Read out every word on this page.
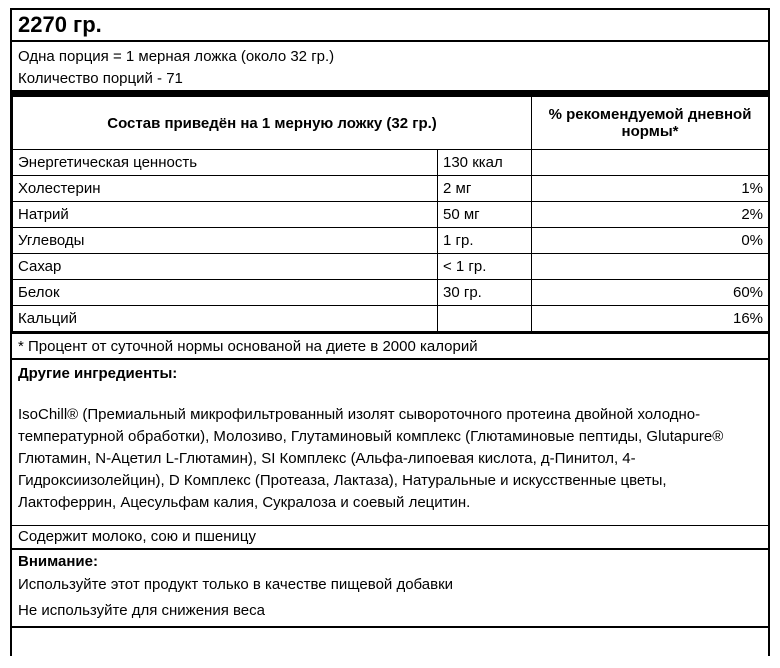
2270 гр.
Одна порция = 1 мерная ложка (около 32 гр.)
Количество порций - 71
Состав приведён на 1 мерную ложку (32 гр.)		% рекомендуемой дневной нормы*
Энергетическая ценность	130 ккал	
Холестерин	2 мг	1%
Натрий	50 мг	2%
Углеводы	1 гр.	0%
Сахар	< 1 гр.	
Белок	30 гр.	60%
Кальций		16%
* Процент от суточной нормы основаной на диете в 2000 калорий
Другие ингредиенты:
IsoChill® (Премиальный микрофильтрованный изолят сывороточного протеина двойной холодно-температурной обработки), Молозиво, Глутаминовый комплекс (Глютаминовые пептиды, Glutapure® Глютамин, N-Ацетил L-Глютамин), SI Комплекс (Альфа-липоевая кислота, д-Пинитол, 4-Гидроксиизолейцин), D Комплекс (Протеаза, Лактаза), Натуральные и искусственные цветы, Лактоферрин, Ацесульфам калия, Сукралоза и соевый лецитин.
Содержит молоко, сою и пшеницу
Внимание:
Используйте этот продукт только в качестве пищевой добавки
Не используйте для снижения веса
